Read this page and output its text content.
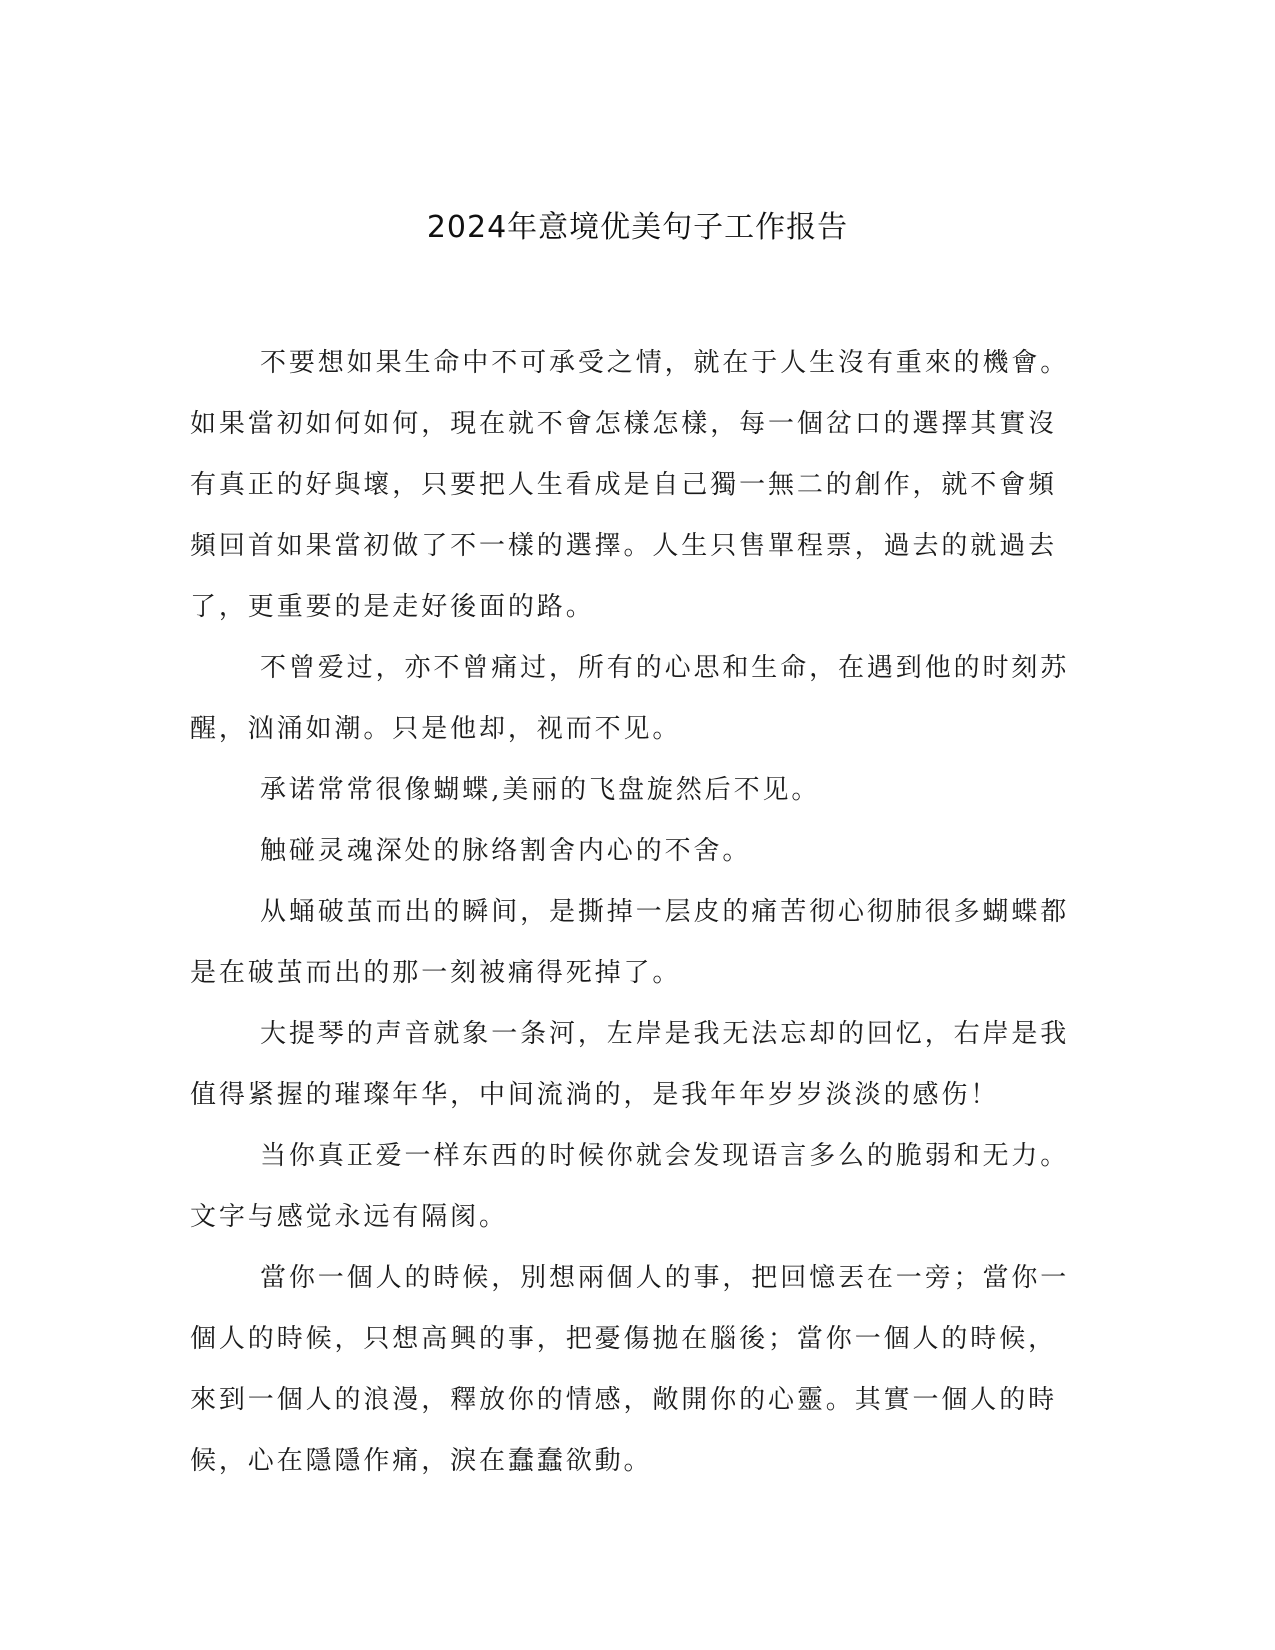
2024年意境优美句子工作报告

不要想如果生命中不可承受之情，就在于人生沒有重來的機會。如果當初如何如何，現在就不會怎樣怎樣，每一個岔口的選擇其實沒有真正的好與壞，只要把人生看成是自己獨一無二的創作，就不會頻頻回首如果當初做了不一樣的選擇。人生只售單程票，過去的就過去了，更重要的是走好後面的路。

不曾爱过，亦不曾痛过，所有的心思和生命，在遇到他的时刻苏醒，汹涌如潮。只是他却，视而不见。

承诺常常很像蝴蝶,美丽的飞盘旋然后不见。

触碰灵魂深处的脉络割舍内心的不舍。

从蛹破茧而出的瞬间，是撕掉一层皮的痛苦彻心彻肺很多蝴蝶都是在破茧而出的那一刻被痛得死掉了。

大提琴的声音就象一条河，左岸是我无法忘却的回忆，右岸是我值得紧握的璀璨年华，中间流淌的，是我年年岁岁淡淡的感伤！

当你真正爱一样东西的时候你就会发现语言多么的脆弱和无力。文字与感觉永远有隔阂。

當你一個人的時候，別想兩個人的事，把回憶丟在一旁；當你一個人的時候，只想高興的事，把憂傷拋在腦後；當你一個人的時候，來到一個人的浪漫，釋放你的情感，敞開你的心靈。其實一個人的時候，心在隱隱作痛，淚在蠢蠢欲動。
